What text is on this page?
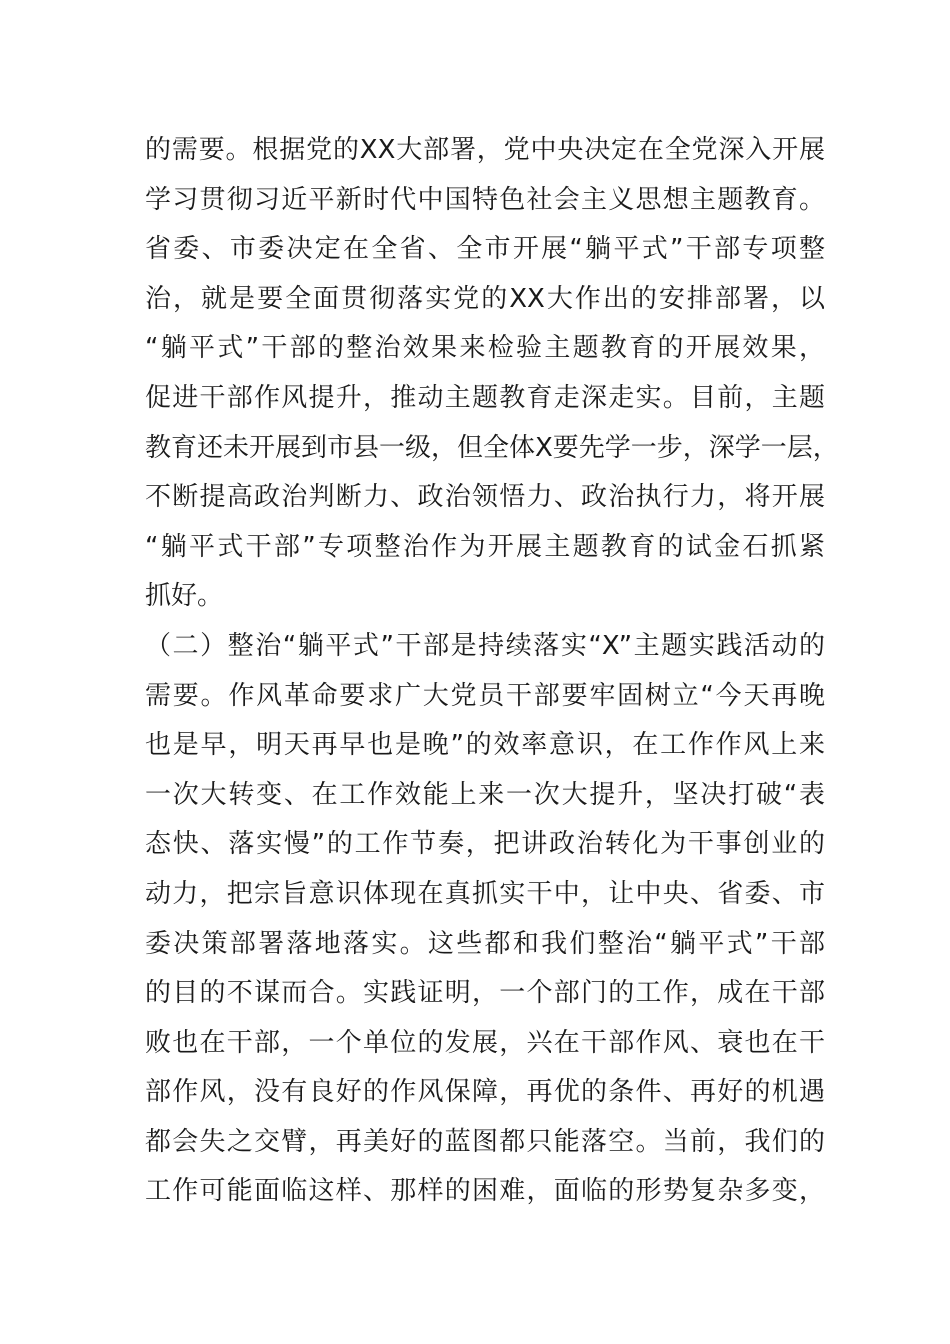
的需要。根据党的XX大部署，党中央决定在全党深入开展
学习贯彻习近平新时代中国特色社会主义思想主题教育。
省委、市委决定在全省、全市开展“躺平式”干部专项整
治，就是要全面贯彻落实党的XX大作出的安排部署，以
“躺平式”干部的整治效果来检验主题教育的开展效果，
促进干部作风提升，推动主题教育走深走实。目前，主题
教育还未开展到市县一级，但全体X要先学一步，深学一层，
不断提高政治判断力、政治领悟力、政治执行力，将开展
“躺平式干部”专项整治作为开展主题教育的试金石抓紧
抓好。
（二）整治“躺平式”干部是持续落实“X”主题实践活动的
需要。作风革命要求广大党员干部要牢固树立“今天再晚
也是早，明天再早也是晚”的效率意识，在工作作风上来
一次大转变、在工作效能上来一次大提升，坚决打破“表
态快、落实慢”的工作节奏，把讲政治转化为干事创业的
动力，把宗旨意识体现在真抓实干中，让中央、省委、市
委决策部署落地落实。这些都和我们整治“躺平式”干部
的目的不谋而合。实践证明，一个部门的工作，成在干部
败也在干部，一个单位的发展，兴在干部作风、衰也在干
部作风，没有良好的作风保障，再优的条件、再好的机遇
都会失之交臂，再美好的蓝图都只能落空。当前，我们的
工作可能面临这样、那样的困难，面临的形势复杂多变，
